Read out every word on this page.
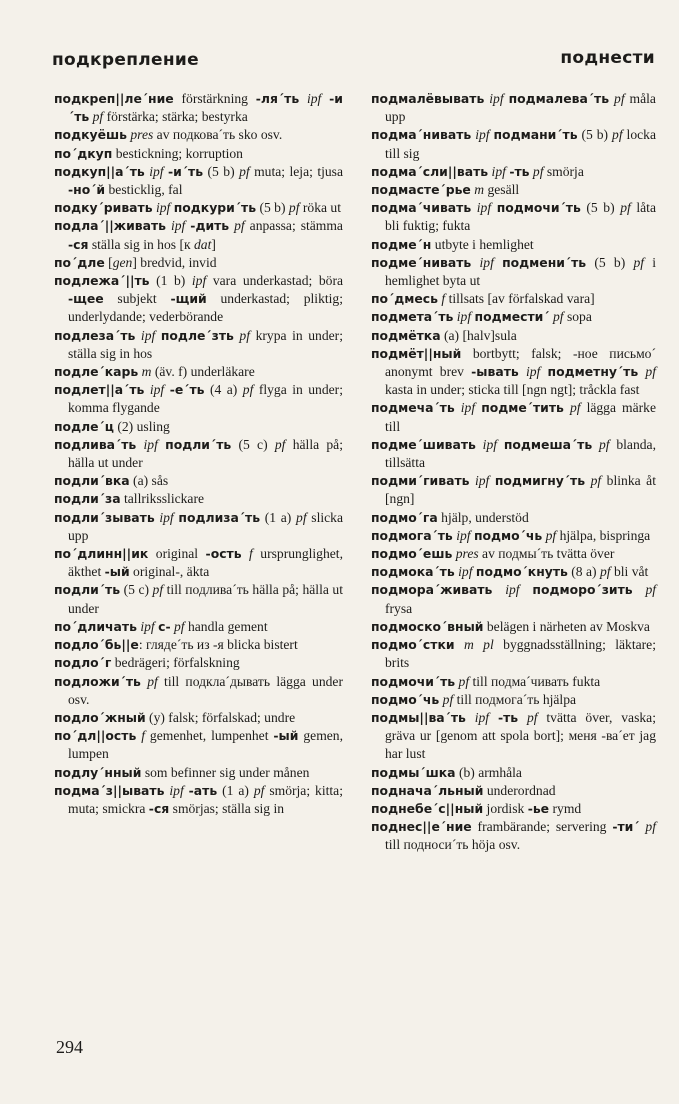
подкрепление	поднести

подкреп||ле´ние förstärkning -ля´ть ipf -и´ть pf förstärka; stärka; bestyrka

подкуёшь pres av подкова´ть sko osv.

по´дкуп bestickning; korruption

подкуп||а´ть ipf -и´ть (5 b) pf muta; leja; tjusa -но´й besticklig, fal

подку´ривать ipf подкури´ть (5 b) pf röka ut

подла´||живать ipf -дить pf anpassa; stämma -ся ställa sig in hos [к dat]

по´дле [gen] bredvid, invid

подлежа´||ть (1 b) ipf vara underkastad; böra -щее subjekt -щий underkastad; pliktig; underlydande; vederbörande

подлеза´ть ipf подле´зть pf krypa in under; ställa sig in hos

подле´карь m (äv. f) underläkare

подлет||а´ть ipf -е´ть (4 a) pf flyga in under; komma flygande

подле´ц (2) usling

подлива´ть ipf подли´ть (5 c) pf hälla på; hälla ut under

подли´вка (a) sås

подли´за tallriksslickare

подли´зывать ipf подлиза´ть (1 a) pf slicka upp

по´длинн||ик original -ость f ursprunglighet, äkthet -ый original-, äkta

подли´ть (5 c) pf till подлива´ть hälla på; hälla ut under

по´дличать ipf с- pf handla gement

подло´бь||е: гляде´ть из -я blicka bistert

подло´г bedrägeri; förfalskning

подложи´ть pf till подкла´дывать lägga under osv.

подло´жный (y) falsk; förfalskad; undre

по´дл||ость f gemenhet, lumpenhet -ый gemen, lumpen

подлу´нный som befinner sig under månen

подма´з||ывать ipf -ать (1 a) pf smörja; kitta; muta; smickra -ся smörjas; ställa sig in

подмалёвывать ipf подмалева´ть pf måla upp

подма´нивать ipf подмани´ть (5 b) pf locka till sig

подма´сли||вать ipf -ть pf smörja

подмасте´рье m gesäll

подма´чивать ipf подмочи´ть (5 b) pf låta bli fuktig; fukta

подме´н utbyte i hemlighet

подме´нивать ipf подмени´ть (5 b) pf i hemlighet byta ut

по´дмесь f tillsats [av förfalskad vara]

подмета´ть ipf подмести´ pf sopa

подмётка (a) [halv]sula

подмёт||ный bortbytt; falsk; -ное письмо´ anonymt brev -ывать ipf подметну´ть pf kasta in under; sticka till [ngn ngt]; tråckla fast

подмеча´ть ipf подме´тить pf lägga märke till

подме´шивать ipf подмеша´ть pf blanda, tillsätta

подми´гивать ipf подмигну´ть pf blinka åt [ngn]

подмо´га hjälp, understöd

подмога´ть ipf подмо´чь pf hjälpa, bispringa

подмо´ешь pres av подмы´ть tvätta över

подмока´ть ipf подмо´кнуть (8 a) pf bli våt

подмора´живать ipf подморо´зить pf frysa

подмоско´вный belägen i närheten av Moskva

подмо´стки m pl byggnadsställning; läktare; brits

подмочи´ть pf till подма´чивать fukta

подмо´чь pf till подмога´ть hjälpa

подмы||ва´ть ipf -ть pf tvätta över, vaska; gräva ur [genom att spola bort]; меня -ва´ет jag har lust

подмы´шка (b) armhåla

поднача´льный underordnad

поднебе´с||ный jordisk -ье rymd

поднес||е´ние frambärande; servering -ти´ pf till подноси´ть höja osv.

294
